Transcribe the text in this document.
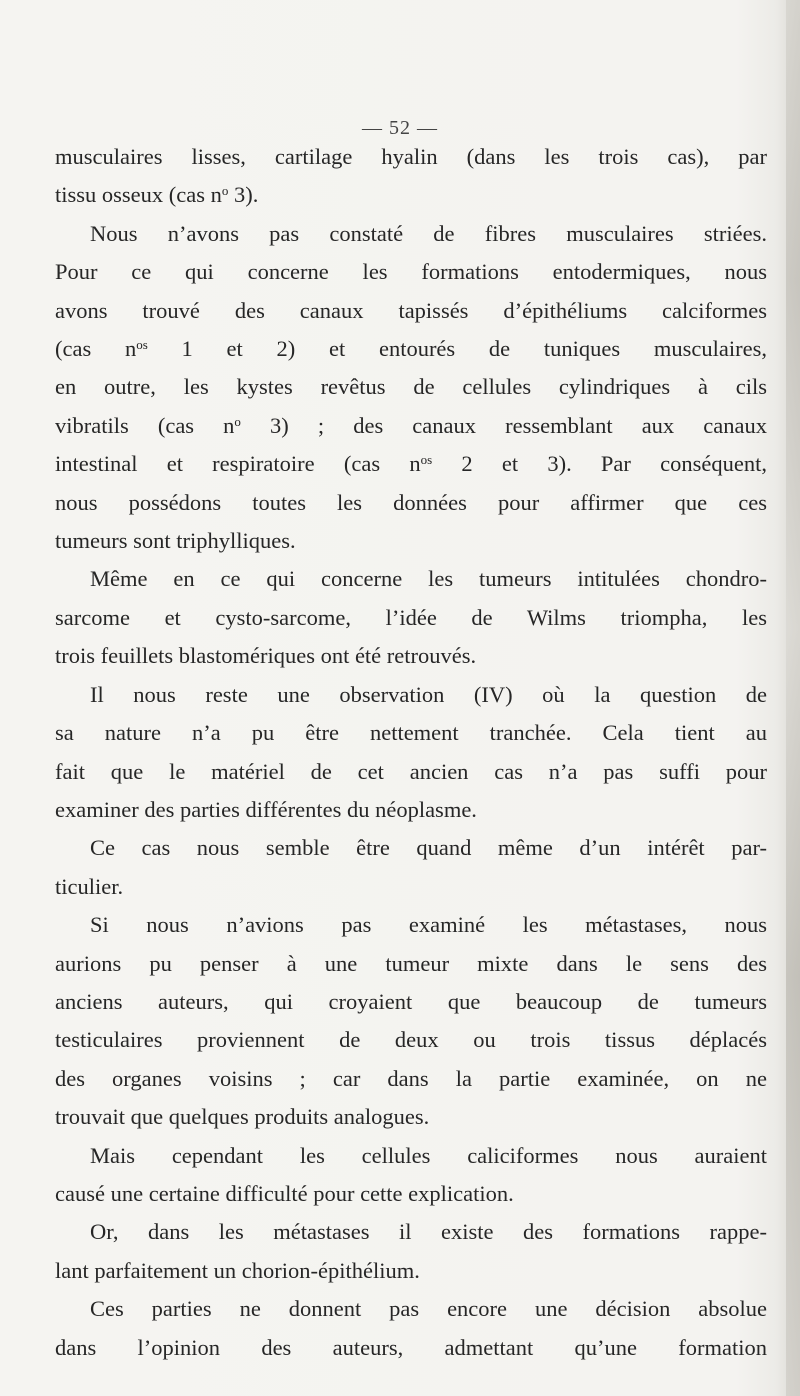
— 52 —
musculaires lisses, cartilage hyalin (dans les trois cas), par
tissu osseux (cas $n^o$ 3).
Nous n’avons pas constaté de fibres musculaires striées.
Pour ce qui concerne les formations entodermiques, nous
avons trouvé des canaux tapissés d’épithéliums calciformes
(cas $n^{os}$ 1 et 2) et entourés de tuniques musculaires,
en outre, les kystes revêtus de cellules cylindriques à cils
vibratils (cas $n^o$ 3) ; des canaux ressemblant aux canaux
intestinal et respiratoire (cas $n^{os}$ 2 et 3). Par conséquent,
nous possédons toutes les données pour affirmer que ces
tumeurs sont triphylliques.
Même en ce qui concerne les tumeurs intitulées chondro-
sarcome et cysto-sarcome, l’idée de Wilms triompha, les
trois feuillets blastomériques ont été retrouvés.
Il nous reste une observation (IV) où la question de
sa nature n’a pu être nettement tranchée. Cela tient au
fait que le matériel de cet ancien cas n’a pas suffi pour
examiner des parties différentes du néoplasme.
Ce cas nous semble être quand même d’un intérêt par-
ticulier.
Si nous n’avions pas examiné les métastases, nous
aurions pu penser à une tumeur mixte dans le sens des
anciens auteurs, qui croyaient que beaucoup de tumeurs
testiculaires proviennent de deux ou trois tissus déplacés
des organes voisins ; car dans la partie examinée, on ne
trouvait que quelques produits analogues.
Mais cependant les cellules caliciformes nous auraient
causé une certaine difficulté pour cette explication.
Or, dans les métastases il existe des formations rappe-
lant parfaitement un chorion-épithélium.
Ces parties ne donnent pas encore une décision absolue
dans l’opinion des auteurs, admettant qu’une formation
